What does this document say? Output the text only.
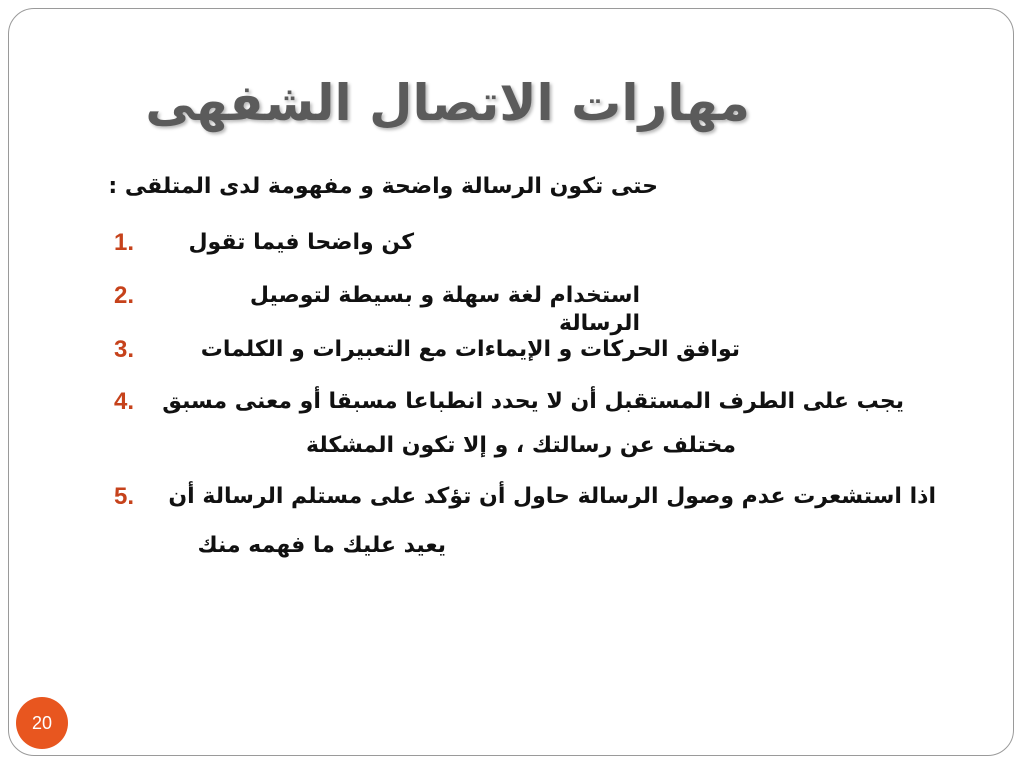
مهارات الاتصال الشفهى
حتى تكون الرسالة واضحة و مفهومة لدى المتلقى :
1. كن واضحا فيما تقول
2.	استخدام لغة سهلة و بسيطة لتوصيل الرسالة
3.	توافق الحركات و الإيماءات مع التعبيرات و الكلمات
4. يجب على الطرف المستقبل أن لا يحدد انطباعا مسبقا أو معنى مسبق
مختلف عن رسالتك ، و إلا تكون المشكلة
5. اذا استشعرت عدم وصول الرسالة حاول أن تؤكد على مستلم الرسالة أن
يعيد عليك ما فهمه منك
20
